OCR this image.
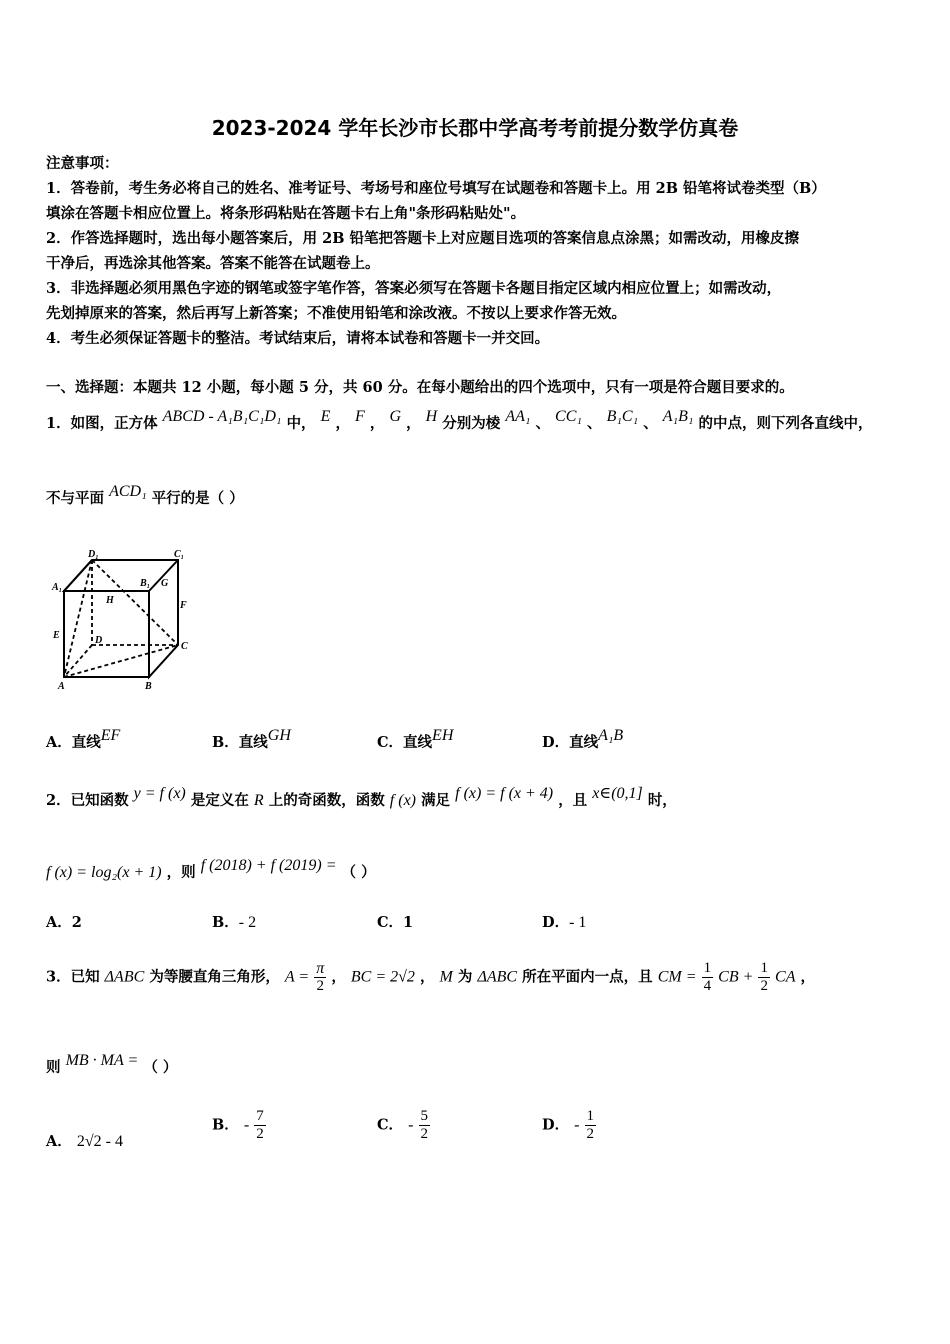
2023-2024 学年长沙市长郡中学高考考前提分数学仿真卷
注意事项：
1．答卷前，考生务必将自己的姓名、准考证号、考场号和座位号填写在试题卷和答题卡上。用 2B 铅笔将试卷类型（B）
填涂在答题卡相应位置上。将条形码粘贴在答题卡右上角"条形码粘贴处"。
2．作答选择题时，选出每小题答案后，用 2B 铅笔把答题卡上对应题目选项的答案信息点涂黑；如需改动，用橡皮擦
干净后，再选涂其他答案。答案不能答在试题卷上。
3．非选择题必须用黑色字迹的钢笔或签字笔作答，答案必须写在答题卡各题目指定区域内相应位置上；如需改动，
先划掉原来的答案，然后再写上新答案；不准使用铅笔和涂改液。不按以上要求作答无效。
4．考生必须保证答题卡的整洁。考试结束后，请将本试卷和答题卡一并交回。
一、选择题：本题共 12 小题，每小题 5 分，共 60 分。在每小题给出的四个选项中，只有一项是符合题目要求的。
1．如图，正方体 ABCD - A₁B₁C₁D₁ 中， E ， F ， G ， H 分别为棱 AA₁ 、 CC₁ 、 B₁C₁ 、 A₁B₁ 的中点，则下列各直线中，
不与平面 ACD₁ 平行的是（ ）
D₁	C₁
A₁	B₁ G
H	F
E	D
C
A	B
A．直线EF	B．直线GH	C．直线EH	D．直线A₁B
2．已知函数 y = f (x) 是定义在 R 上的奇函数，函数 f (x) 满足 f (x) = f (x + 4) ，且 x∈(0,1] 时，
f (x) = log₂(x + 1) ，则 f (2018) + f (2019) = （ ）
A．2	B．- 2	C．1	D．- 1
3．已知 ΔABC 为等腰直角三角形， $A = \frac{\pi}{2}$ ， BC = 2√2 ， M 为 ΔABC 所在平面内一点，且 CM = $\frac{1}{4}$ CB + $\frac{1}{2}$ CA ，
则 MB · MA = （ ）
A． 2√2 - 4
B． - $\frac{7}{2}$	C． - $\frac{5}{2}$	D． - $\frac{1}{2}$
